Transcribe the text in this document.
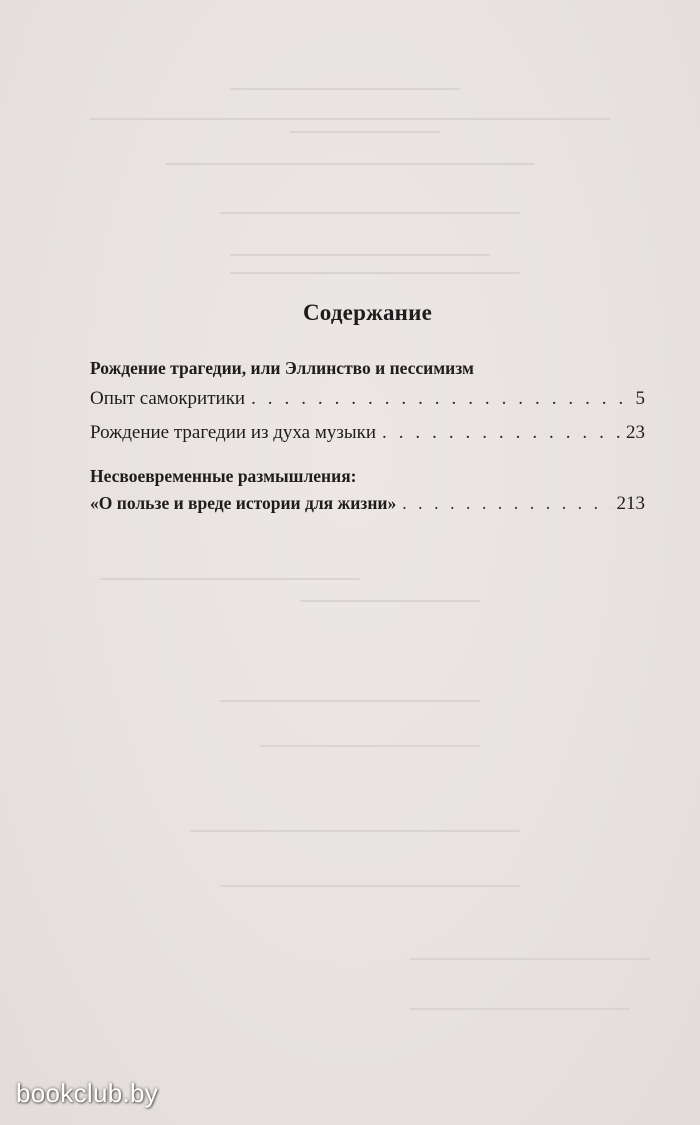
Содержание
Рождение трагедии, или Эллинство и пессимизм
Опыт самокритики . . .	5
Рождение трагедии из духа музыки . . .	23
Несвоевременные размышления:
«О пользе и вреде истории для жизни» . . .	213
bookclub.by
